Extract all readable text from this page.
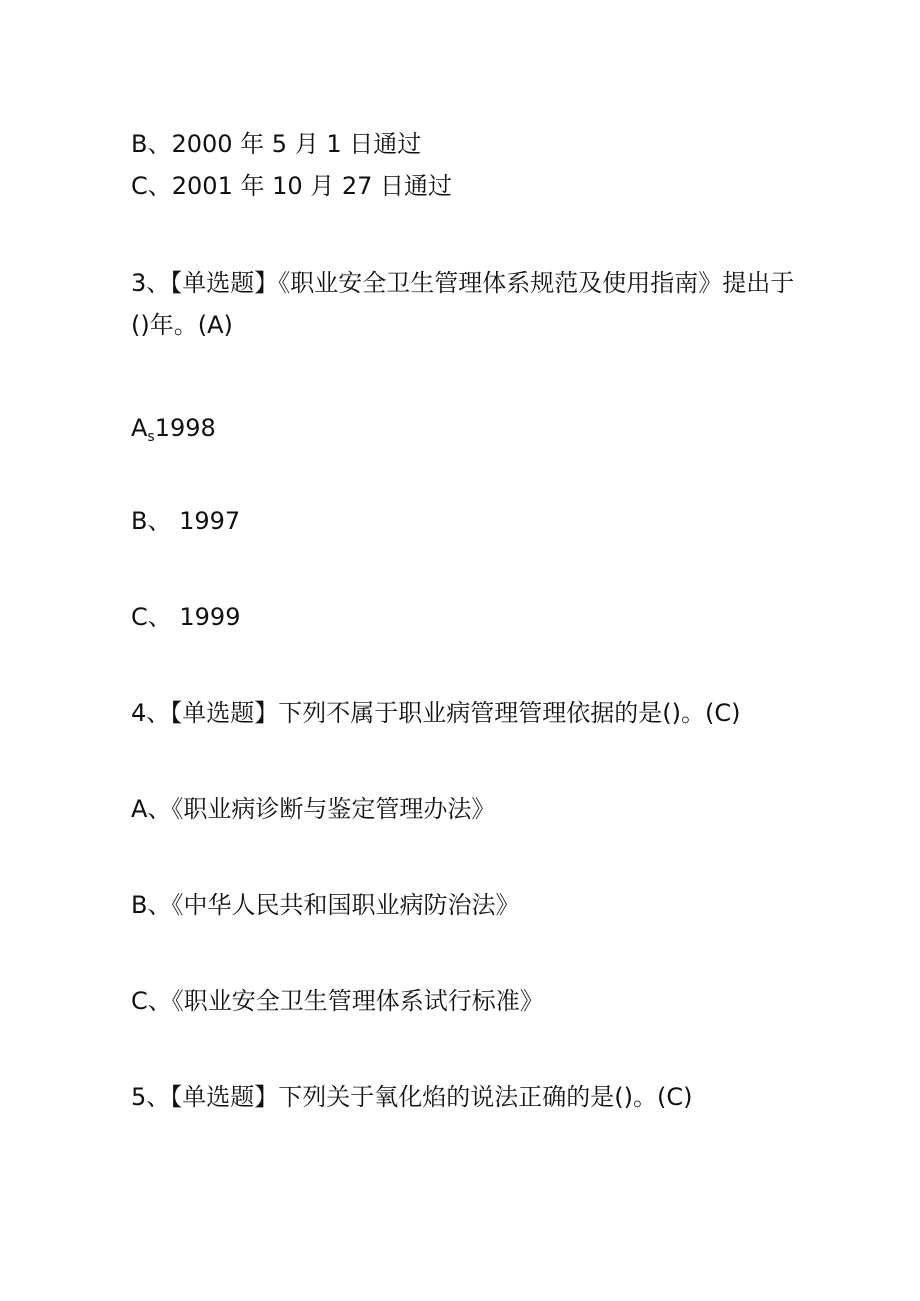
B、2000 年 5 月 1 日通过

C、2001 年 10 月 27 日通过

3、【单选题】《职业安全卫生管理体系规范及使用指南》提出于()年。(A)

$A_s1998$

B、 1997

C、 1999

4、【单选题】下列不属于职业病管理管理依据的是()。(C)

A、《职业病诊断与鉴定管理办法》

B、《中华人民共和国职业病防治法》

C、《职业安全卫生管理体系试行标准》

5、【单选题】下列关于氧化焰的说法正确的是()。(C)
